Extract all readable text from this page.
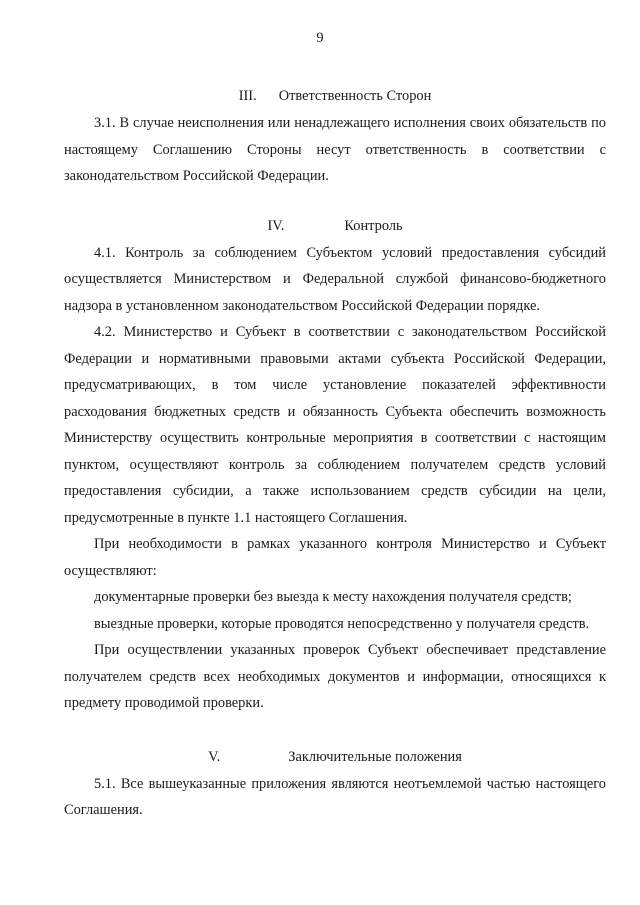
9
III. Ответственность Сторон

3.1. В случае неисполнения или ненадлежащего исполнения своих обязательств по настоящему Соглашению Стороны несут ответственность в соответствии с законодательством Российской Федерации.

IV.	Контроль

4.1. Контроль за соблюдением Субъектом условий предоставления субсидий осуществляется Министерством и Федеральной службой финансово-бюджетного надзора в установленном законодательством Российской Федерации порядке.

4.2. Министерство и Субъект в соответствии с законодательством Российской Федерации и нормативными правовыми актами субъекта Российской Федерации, предусматривающих, в том числе установление показателей эффективности расходования бюджетных средств и обязанность Субъекта обеспечить возможность Министерству осуществить контрольные мероприятия в соответствии с настоящим пунктом, осуществляют контроль за соблюдением получателем средств условий предоставления субсидии, а также использованием средств субсидии на цели, предусмотренные в пункте 1.1 настоящего Соглашения.

При необходимости в рамках указанного контроля Министерство и Субъект осуществляют:

документарные проверки без выезда к месту нахождения получателя средств;

выездные проверки, которые проводятся непосредственно у получателя средств.

При осуществлении указанных проверок Субъект обеспечивает представление получателем средств всех необходимых документов и информации, относящихся к предмету проводимой проверки.

V.	Заключительные положения

5.1. Все вышеуказанные приложения являются неотъемлемой частью настоящего Соглашения.
